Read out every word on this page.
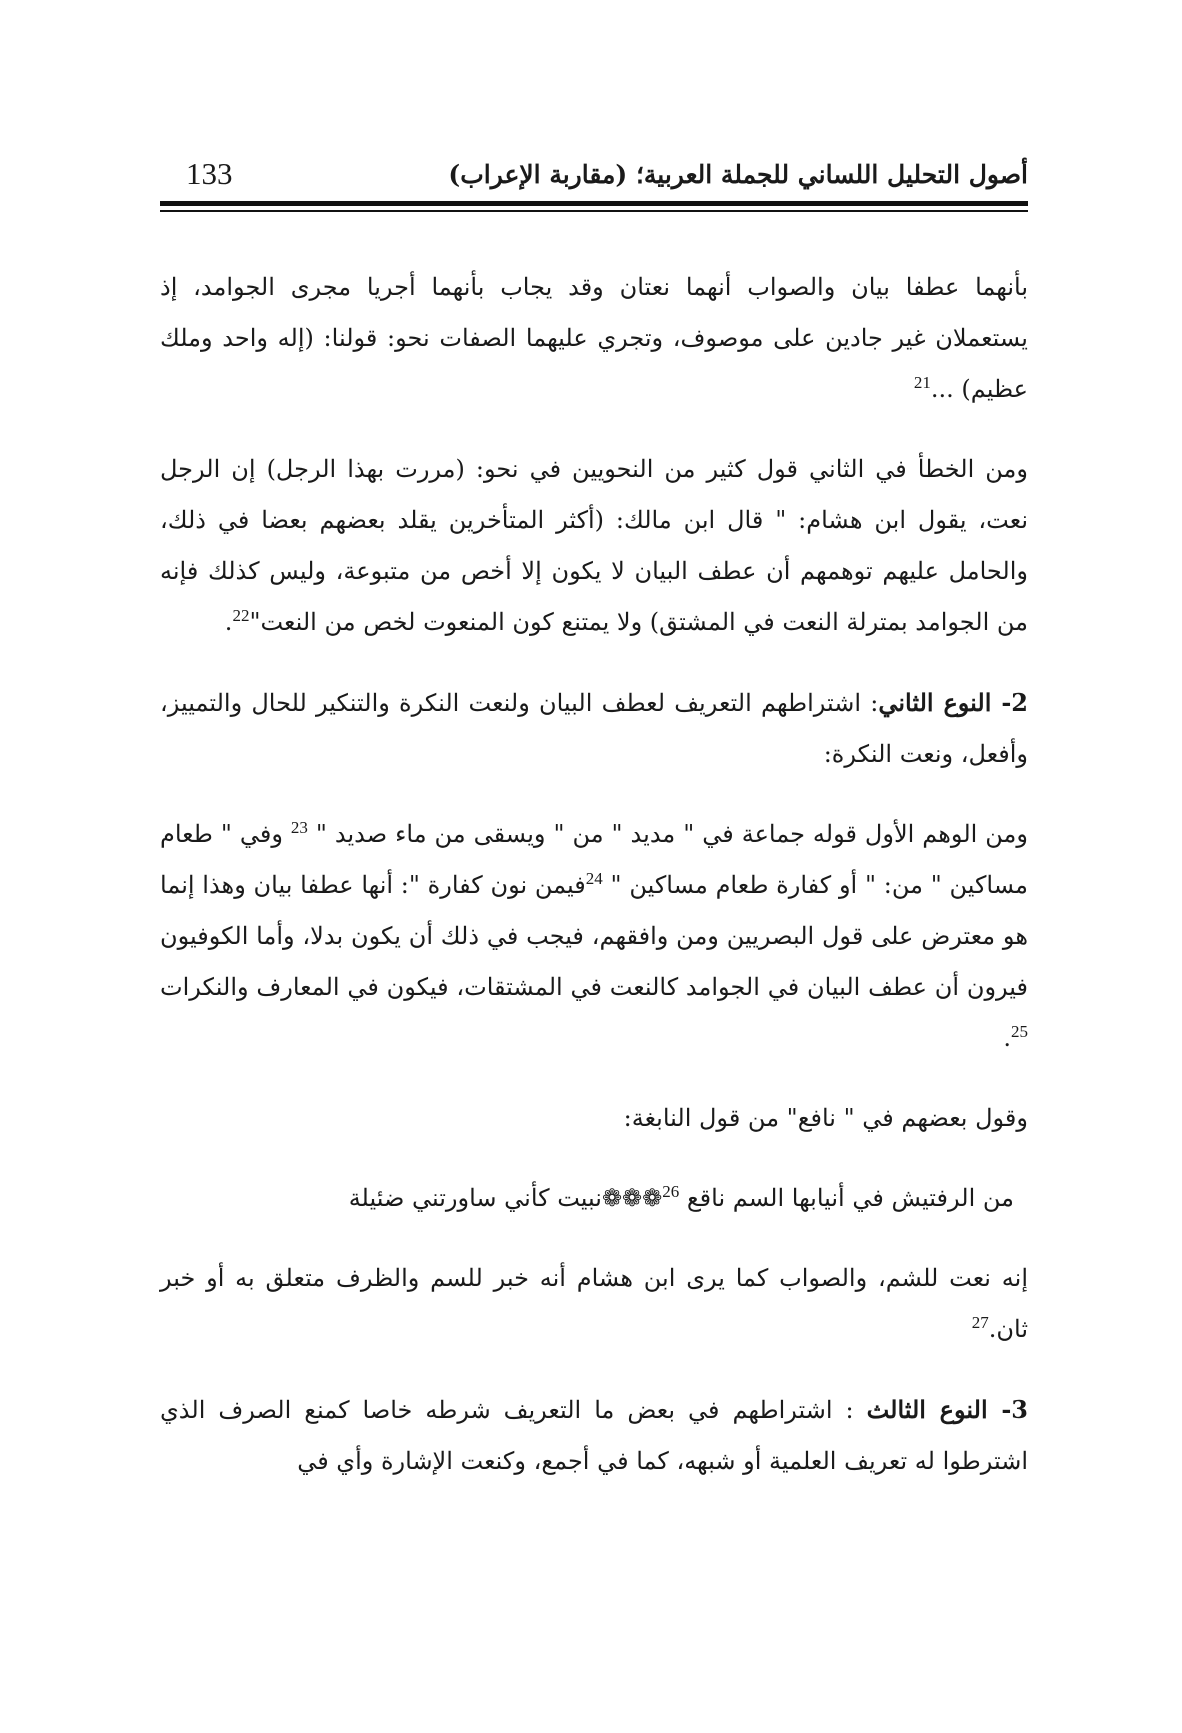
133	أصول التحليل اللساني للجملة العربية؛ (مقاربة الإعراب)

بأنهما عطفا بيان والصواب أنهما نعتان وقد يجاب بأنهما أجريا مجرى الجوامد، إذ يستعملان غير جادين على موصوف، وتجري عليهما الصفات نحو: قولنا: (إله واحد وملك عظيم) ...$^{21}$

ومن الخطأ في الثاني قول كثير من النحويين في نحو: (مررت بهذا الرجل) إن الرجل نعت، يقول ابن هشام: " قال ابن مالك: (أكثر المتأخرين يقلد بعضهم بعضا في ذلك، والحامل عليهم توهمهم أن عطف البيان لا يكون إلا أخص من متبوعة، وليس كذلك فإنه من الجوامد بمترلة النعت في المشتق) ولا يمتنع كون المنعوت لخص من النعت"$^{22}$.

2- النوع الثاني: اشتراطهم التعريف لعطف البيان ولنعت النكرة والتنكير للحال والتمييز، وأفعل، ونعت النكرة:

ومن الوهم الأول قوله جماعة في " مديد " من " ويسقى من ماء صديد " $^{23}$ وفي " طعام مساكين " من: " أو كفارة طعام مساكين " $^{24}$فيمن نون كفارة ": أنها عطفا بيان وهذا إنما هو معترض على قول البصريين ومن وافقهم، فيجب في ذلك أن يكون بدلا، وأما الكوفيون فيرون أن عطف البيان في الجوامد كالنعت في المشتقات، فيكون في المعارف والنكرات $^{25}$.

وقول بعضهم في " نافع" من قول النابغة:

من الرفتيش في أنيابها السم ناقع $^{26}$❁❁❁نبيت كأني ساورتني ضئيلة

إنه نعت للشم، والصواب كما يرى ابن هشام أنه خبر للسم والظرف متعلق به أو خبر ثان.$^{27}$

3- النوع الثالث : اشتراطهم في بعض ما التعريف شرطه خاصا كمنع الصرف الذي اشترطوا له تعريف العلمية أو شبهه، كما في أجمع، وكنعت الإشارة وأي في
